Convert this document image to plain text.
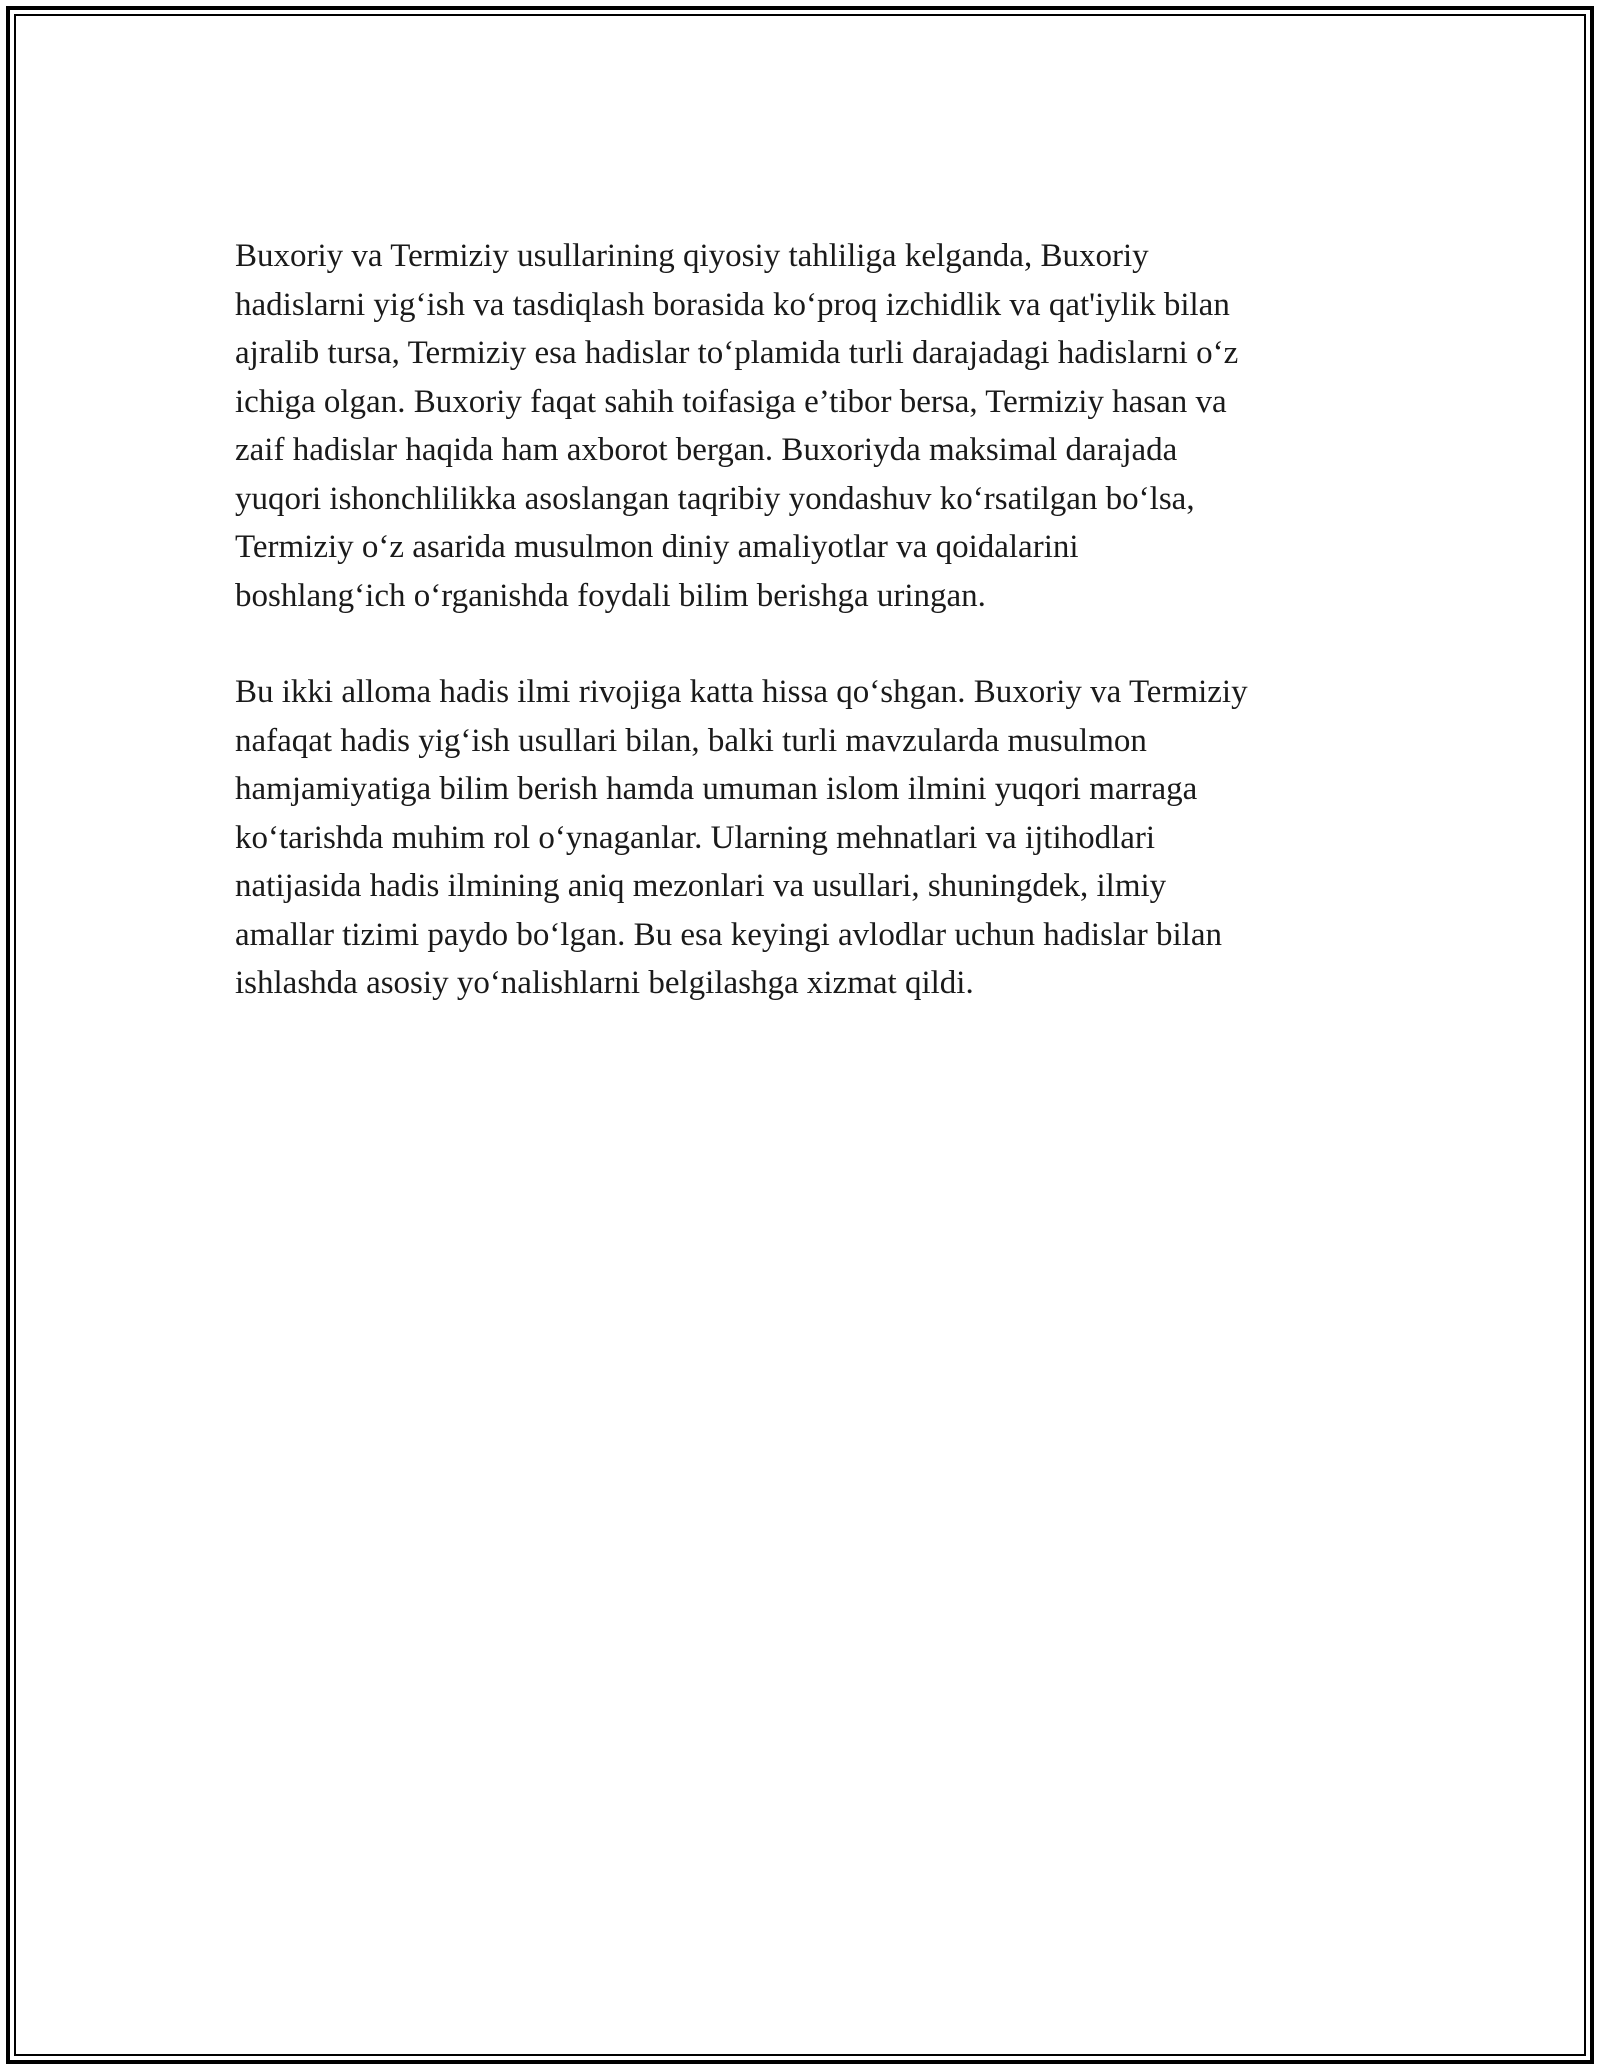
Buxoriy va Termiziy usullarining qiyosiy tahliliga kelganda, Buxoriy
hadislarni yig‘ish va tasdiqlash borasida ko‘proq izchidlik va qat'iylik bilan
ajralib tursa, Termiziy esa hadislar to‘plamida turli darajadagi hadislarni o‘z
ichiga olgan. Buxoriy faqat sahih toifasiga e’tibor bersa, Termiziy hasan va
zaif hadislar haqida ham axborot bergan. Buxoriyda maksimal darajada
yuqori ishonchlilikka asoslangan taqribiy yondashuv ko‘rsatilgan bo‘lsa,
Termiziy o‘z asarida musulmon diniy amaliyotlar va qoidalarini
boshlang‘ich o‘rganishda foydali bilim berishga uringan.

Bu ikki alloma hadis ilmi rivojiga katta hissa qo‘shgan. Buxoriy va Termiziy
nafaqat hadis yig‘ish usullari bilan, balki turli mavzularda musulmon
hamjamiyatiga bilim berish hamda umuman islom ilmini yuqori marraga
ko‘tarishda muhim rol o‘ynaganlar. Ularning mehnatlari va ijtihodlari
natijasida hadis ilmining aniq mezonlari va usullari, shuningdek, ilmiy
amallar tizimi paydo bo‘lgan. Bu esa keyingi avlodlar uchun hadislar bilan
ishlashda asosiy yo‘nalishlarni belgilashga xizmat qildi.
